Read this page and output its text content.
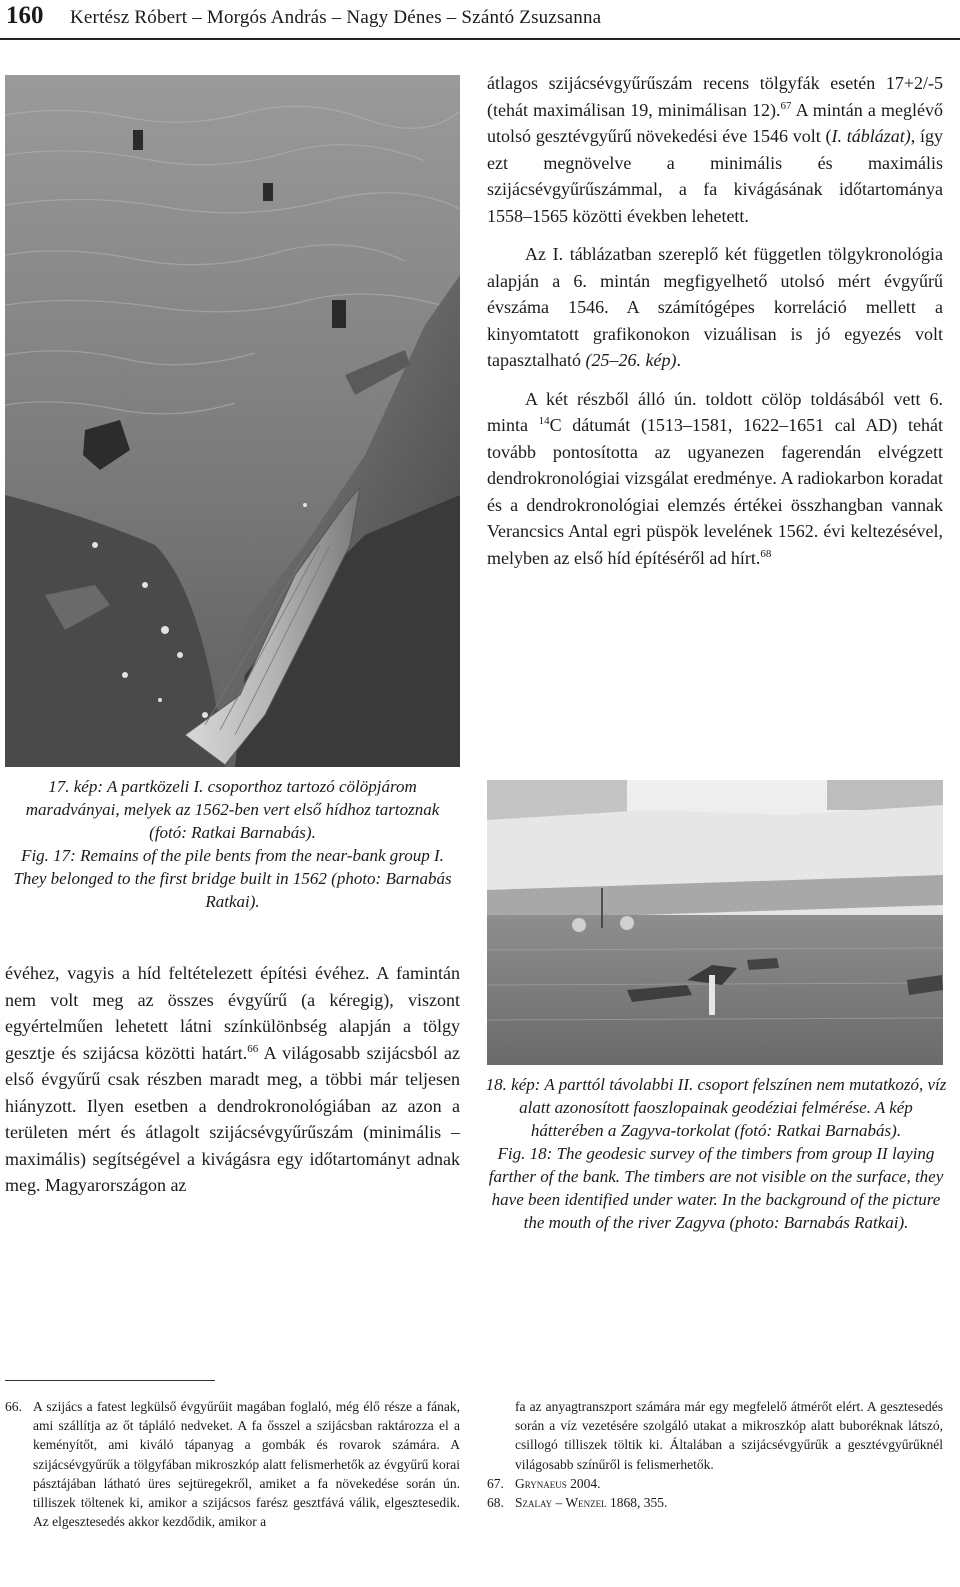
160 Kertész Róbert – Morgós András – Nagy Dénes – Szántó Zsuzsanna

átlagos szijácsévgyűrűszám recens tölgyfák esetén 17+2/-5 (tehát maximálisan 19, minimálisan 12).$^{67}$ A mintán a meglévő utolsó gesztévgyűrű növekedési éve 1546 volt (I. táblázat), így ezt megnövelve a minimális és maximális szijácsévgyűrűszámmal, a fa kivágásának időtartománya 1558–1565 közötti években lehetett.

Az I. táblázatban szereplő két független tölgykronológia alapján a 6. mintán megfigyelhető utolsó mért évgyűrű évszáma 1546. A számítógépes korreláció mellett a kinyomtatott grafikonokon vizuálisan is jó egyezés volt tapasztalható (25–26. kép).

A két részből álló ún. toldott cölöp toldásából vett 6. minta $^{14}$C dátumát (1513–1581, 1622–1651 cal AD) tehát tovább pontosította az ugyanezen fagerendán elvégzett dendrokronológiai vizsgálat eredménye. A radiokarbon koradat és a dendrokronológiai elemzés értékei összhangban vannak Verancsics Antal egri püspök levelének 1562. évi keltezésével, melyben az első híd építéséről ad hírt.$^{68}$

17. kép: A partközeli I. csoporthoz tartozó cölöpjárom maradványai, melyek az 1562-ben vert első hídhoz tartoznak (fotó: Ratkai Barnabás).
Fig. 17: Remains of the pile bents from the near-bank group I. They belonged to the first bridge built in 1562 (photo: Barnabás Ratkai).
18. kép: A parttól távolabbi II. csoport felszínen nem mutatkozó, víz alatt azonosított faoszlopainak geodéziai felmérése. A kép hátterében a Zagyva-torkolat (fotó: Ratkai Barnabás).
Fig. 18: The geodesic survey of the timbers from group II laying farther of the bank. The timbers are not visible on the surface, they have been identified under water. In the background of the picture the mouth of the river Zagyva (photo: Barnabás Ratkai).

évéhez, vagyis a híd feltételezett építési évéhez. A famintán nem volt meg az összes évgyűrű (a kéregig), viszont egyértelműen lehetett látni színkülönbség alapján a tölgy gesztje és szijácsa közötti határt.$^{66}$ A világosabb szijácsból az első évgyűrű csak részben maradt meg, a többi már teljesen hiányzott. Ilyen esetben a dendrokronológiában az azon a területen mért és átlagolt szijácsévgyűrűszám (minimális – maximális) segítségével a kivágásra egy időtartományt adnak meg. Magyarországon az

66. A szijács a fatest legkülső évgyűrűit magában foglaló, még élő része a fának, ami szállítja az őt tápláló nedveket. A fa ősszel a szijácsban raktározza el a keményítőt, ami kiváló tápanyag a gombák és rovarok számára. A szijácsévgyűrűk a tölgyfában mikroszkóp alatt felismerhetők az évgyűrű korai pásztájában látható üres sejtüregekről, amiket a fa növekedése során ún. tilliszek töltenek ki, amikor a szijácsos farész gesztfává válik, elgesztesedik. Az elgesztesedés akkor kezdődik, amikor a

fa az anyagtranszport számára már egy megfelelő átmérőt elért. A gesztesedés során a víz vezetésére szolgáló utakat a mikroszkóp alatt buboréknak látszó, csillogó tilliszek töltik ki. Általában a szijácsévgyűrűk a gesztévgyűrűknél világosabb színűről is felismerhetők.

67. Grynaeus 2004.

68. Szalay – Wenzel 1868, 355.
